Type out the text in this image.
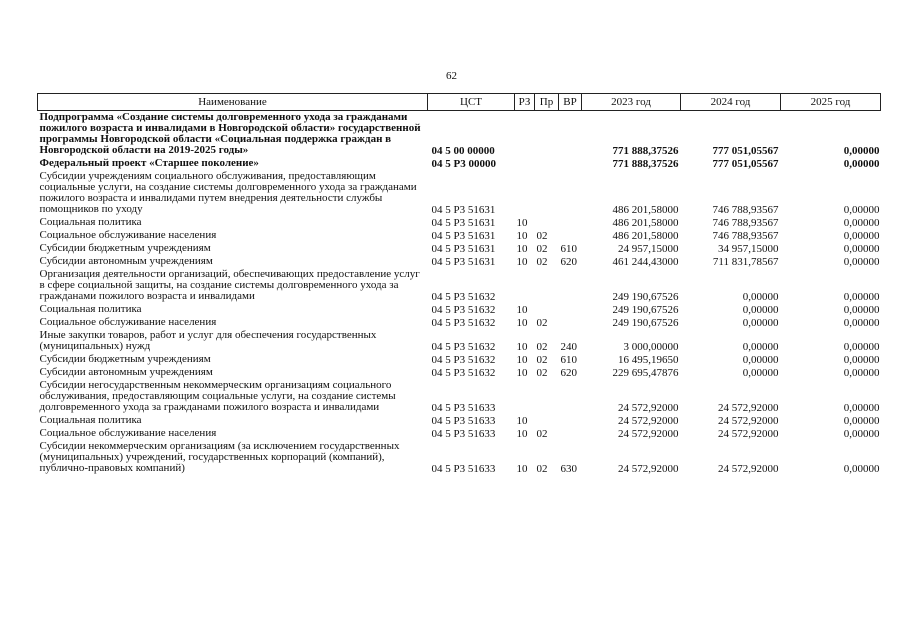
62
Наименование	ЦСТ	РЗ	Пр	ВР	2023 год	2024 год	2025 год
Подпрограмма «Создание системы долговременного ухода за гражданами пожилого возраста и инвалидами в Новгородской области» государственной программы Новгородской области «Социальная поддержка граждан в Новгородской области на 2019-2025 годы»	04 5 00 00000				771 888,37526	777 051,05567	0,00000
Федеральный проект «Старшее поколение»	04 5 P3 00000				771 888,37526	777 051,05567	0,00000
Субсидии учреждениям социального обслуживания, предоставляющим социальные услуги, на создание системы долговременного ухода за гражданами пожилого возраста и инвалидами путем внедрения деятельности службы помощников по уходу	04 5 P3 51631				486 201,58000	746 788,93567	0,00000
Социальная политика	04 5 P3 51631	10			486 201,58000	746 788,93567	0,00000
Социальное обслуживание населения	04 5 P3 51631	10	02		486 201,58000	746 788,93567	0,00000
Субсидии бюджетным учреждениям	04 5 P3 51631	10	02	610	24 957,15000	34 957,15000	0,00000
Субсидии автономным учреждениям	04 5 P3 51631	10	02	620	461 244,43000	711 831,78567	0,00000
Организация деятельности организаций, обеспечивающих предоставление услуг в сфере социальной защиты, на создание системы долговременного ухода за гражданами пожилого возраста и инвалидами	04 5 P3 51632				249 190,67526	0,00000	0,00000
Социальная политика	04 5 P3 51632	10			249 190,67526	0,00000	0,00000
Социальное обслуживание населения	04 5 P3 51632	10	02		249 190,67526	0,00000	0,00000
Иные закупки товаров, работ и услуг для обеспечения государственных (муниципальных) нужд	04 5 P3 51632	10	02	240	3 000,00000	0,00000	0,00000
Субсидии бюджетным учреждениям	04 5 P3 51632	10	02	610	16 495,19650	0,00000	0,00000
Субсидии автономным учреждениям	04 5 P3 51632	10	02	620	229 695,47876	0,00000	0,00000
Субсидии негосударственным некоммерческим организациям социального обслуживания, предоставляющим социальные услуги, на создание системы долговременного ухода за гражданами пожилого возраста и инвалидами	04 5 P3 51633				24 572,92000	24 572,92000	0,00000
Социальная политика	04 5 P3 51633	10			24 572,92000	24 572,92000	0,00000
Социальное обслуживание населения	04 5 P3 51633	10	02		24 572,92000	24 572,92000	0,00000
Субсидии некоммерческим организациям (за исключением государственных (муниципальных) учреждений, государственных корпораций (компаний), публично-правовых компаний)	04 5 P3 51633	10	02	630	24 572,92000	24 572,92000	0,00000
